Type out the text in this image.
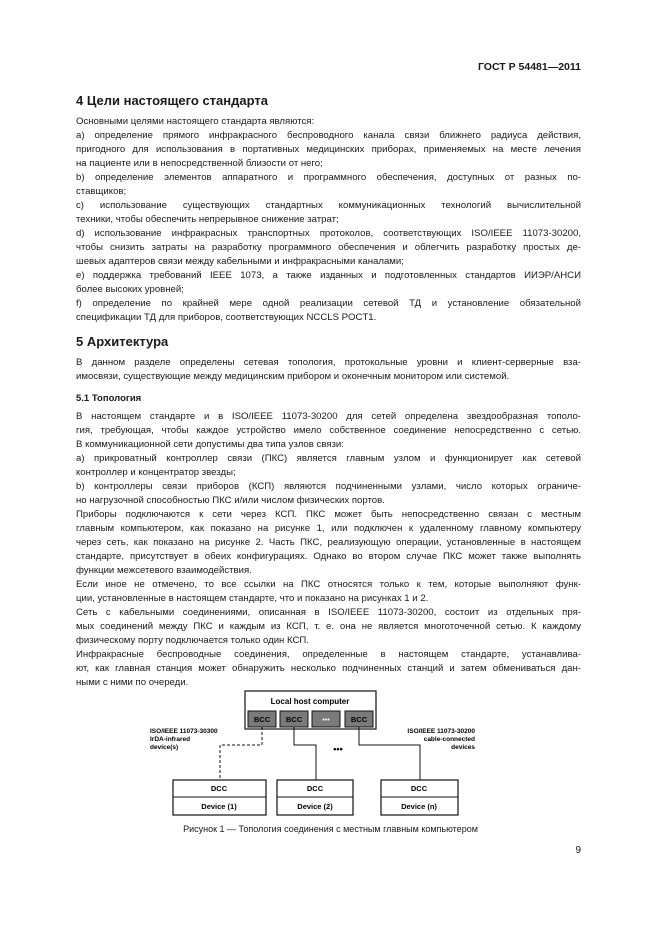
ГОСТ Р 54481—2011
4 Цели настоящего стандарта
Основными целями настоящего стандарта являются:
а) определение прямого инфракрасного беспроводного канала связи ближнего радиуса действия,
пригодного для использования в портативных медицинских приборах, применяемых на месте лечения
на пациенте или в непосредственной близости от него;
b) определение элементов аппаратного и программного обеспечения, доступных от разных по-
ставщиков;
с) использование существующих стандартных коммуникационных технологий вычислительной
техники, чтобы обеспечить непрерывное снижение затрат;
d) использование инфракрасных транспортных протоколов, соответствующих ISO/IEEE 11073-30200,
чтобы снизить затраты на разработку программного обеспечения и облегчить разработку простых де-
шевых адаптеров связи между кабельными и инфракрасными каналами;
е) поддержка требований IEEE 1073, а также изданных и подготовленных стандартов ИИЭР/АНСИ
более высоких уровней;
f) определение по крайней мере одной реализации сетевой ТД и установление обязательной
спецификации ТД для приборов, соответствующих NCCLS POCT1.
5 Архитектура
В данном разделе определены сетевая топология, протокольные уровни и клиент-серверные вза-
имосвязи, существующие между медицинским прибором и оконечным монитором или системой.
5.1 Топология
В настоящем стандарте и в ISO/IEEE 11073-30200 для сетей определена звездообразная тополо-
гия, требующая, чтобы каждое устройство имело собственное соединение непосредственно с сетью.
В коммуникационной сети допустимы два типа узлов связи:
а) прикроватный контроллер связи (ПКС) является главным узлом и функционирует как сетевой
контроллер и концентратор звезды;
b) контроллеры связи приборов (КСП) являются подчиненными узлами, число которых ограниче-
но нагрузочной способностью ПКС и/или числом физических портов.
Приборы подключаются к сети через КСП. ПКС может быть непосредственно связан с местным
главным компьютером, как показано на рисунке 1, или подключен к удаленному главному компьютеру
через сеть, как показано на рисунке 2. Часть ПКС, реализующую операции, установленные в настоящем
стандарте, присутствует в обеих конфигурациях. Однако во втором случае ПКС может также выполнять
функции межсетевого взаимодействия.
Если иное не отмечено, то все ссылки на ПКС относятся только к тем, которые выполняют функ-
ции, установленные в настоящем стандарте, что и показано на рисунках 1 и 2.
Сеть с кабельными соединениями, описанная в ISO/IEEE 11073-30200, состоит из отдельных пря-
мых соединений между ПКС и каждым из КСП, т. е. она не является многоточечной сетью. К каждому
физическому порту подключается только один КСП.
Инфракрасные беспроводные соединения, определенные в настоящем стандарте, устанавлива-
ют, как главная станция может обнаружить несколько подчиненных станций и затем обмениваться дан-
ными с ними по очереди.
Local host computer
BCC BCC	•••	BCC
ISO/IEEE 11073-30300
IrDA-infrared
device(s)
ISO/IEEE 11073-30200
cable-connected
devices
•••
DCC
Device (1)
DCC
Device (2)
DCC
Device (n)
Рисунок 1 — Топология соединения с местным главным компьютером
9
